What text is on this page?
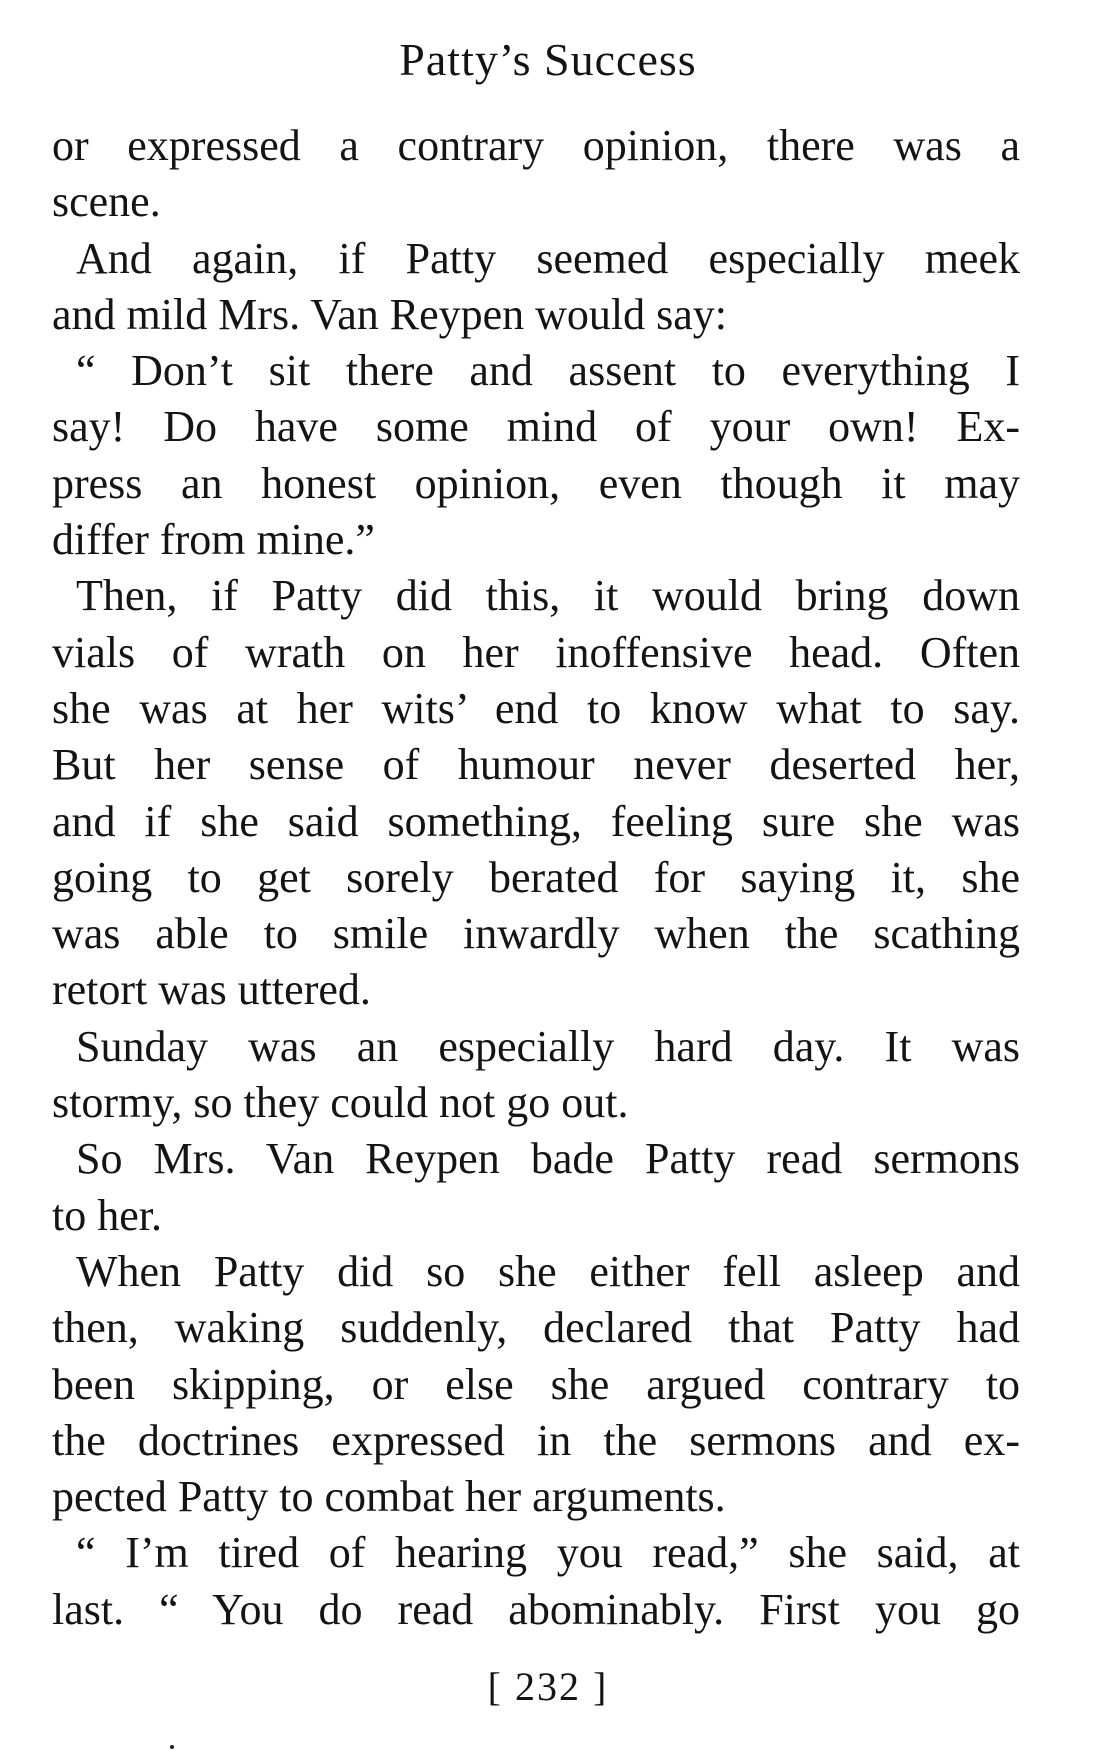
Patty’s Success
or expressed a contrary opinion, there was a
scene.
And again, if Patty seemed especially meek
and mild Mrs. Van Reypen would say:
“ Don’t sit there and assent to everything I
say! Do have some mind of your own! Ex-
press an honest opinion, even though it may
differ from mine.”
Then, if Patty did this, it would bring down
vials of wrath on her inoffensive head. Often
she was at her wits’ end to know what to say.
But her sense of humour never deserted her,
and if she said something, feeling sure she was
going to get sorely berated for saying it, she
was able to smile inwardly when the scathing
retort was uttered.
Sunday was an especially hard day. It was
stormy, so they could not go out.
So Mrs. Van Reypen bade Patty read sermons
to her.
When Patty did so she either fell asleep and
then, waking suddenly, declared that Patty had
been skipping, or else she argued contrary to
the doctrines expressed in the sermons and ex-
pected Patty to combat her arguments.
“ I’m tired of hearing you read,” she said, at
last. “ You do read abominably. First you go
[ 232 ]
